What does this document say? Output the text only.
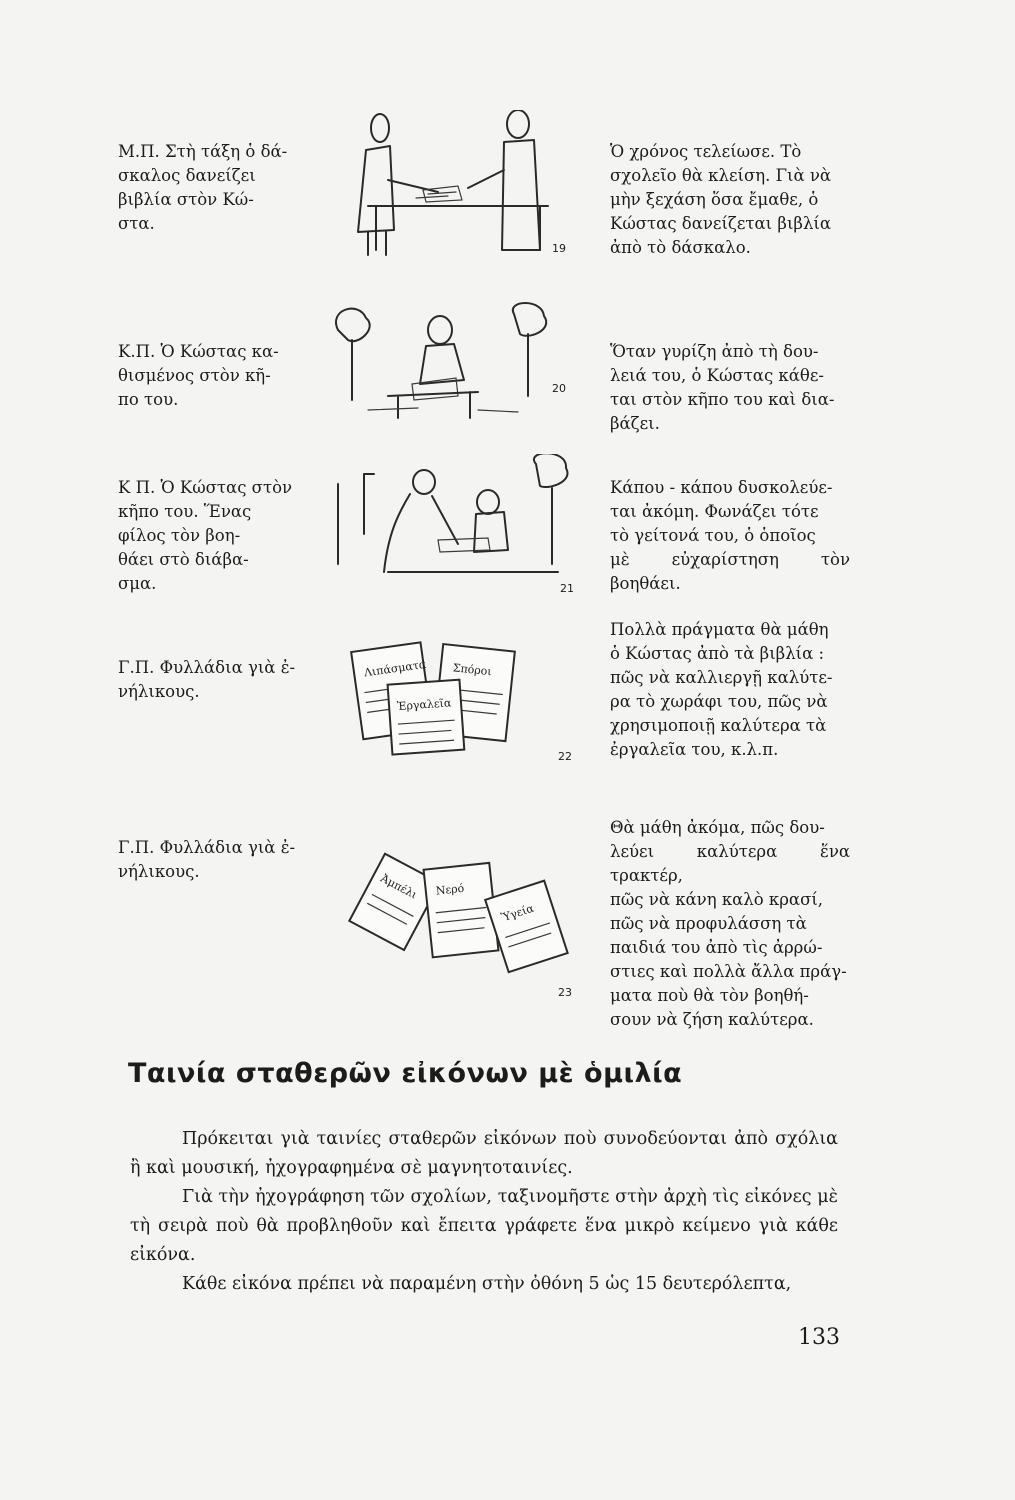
Μ.Π. Στὴ τάξη ὁ δά-
σκαλος δανείζει
βιβλία στὸν Κώ-
στα.
19
Ὁ χρόνος τελείωσε. Τὸ
σχολεῖο θὰ κλείση. Γιὰ νὰ
μὴν ξεχάση ὅσα ἔμαθε, ὁ
Κώστας δανείζεται βιβλία
ἀπὸ τὸ δάσκαλο.
Κ.Π. Ὁ Κώστας κα-
θισμένος στὸν κῆ-
πο του.
20
Ὅταν γυρίζη ἀπὸ τὴ δου-
λειά του, ὁ Κώστας κάθε-
ται στὸν κῆπο του καὶ δια-
βάζει.
Κ Π. Ὁ Κώστας στὸν
κῆπο του. Ἕνας
φίλος τὸν βοη-
θάει στὸ διάβα-
σμα.	21
Κάπου - κάπου δυσκολεύε-
ται ἀκόμη. Φωνάζει τότε
τὸ γείτονά του, ὁ ὁποῖος
μὲ εὐχαρίστηση τὸν βοηθάει.
Γ.Π. Φυλλάδια γιὰ ἐ-
νήλικους.
Λιπάσματα Σπόροι
Ἐργαλεῖα
22
Πολλὰ πράγματα θὰ μάθη
ὁ Κώστας ἀπὸ τὰ βιβλία :
πῶς νὰ καλλιεργῇ καλύτε-
ρα τὸ χωράφι του, πῶς νὰ
χρησιμοποιῇ καλύτερα τὰ
ἐργαλεῖα του, κ.λ.π.
Γ.Π. Φυλλάδια γιὰ ἐ-
νήλικους.
Ἀμπέλι Νερό
Ὑγεία
23
Θὰ μάθη ἀκόμα, πῶς δου-
λεύει καλύτερα ἕνα τρακτέρ,
πῶς νὰ κάνη καλὸ κρασί,
πῶς νὰ προφυλάσση τὰ
παιδιά του ἀπὸ τὶς ἀρρώ-
στιες καὶ πολλὰ ἄλλα πράγ-
ματα ποὺ θὰ τὸν βοηθή-
σουν νὰ ζήση καλύτερα.
Ταινία σταθερῶν εἰκόνων μὲ ὁμιλία

Πρόκειται γιὰ ταινίες σταθερῶν εἰκόνων ποὺ συνοδεύονται ἀπὸ σχόλια ἢ καὶ μουσική, ἠχογραφημένα σὲ μαγνητοταινίες.

Γιὰ τὴν ἠχογράφηση τῶν σχολίων, ταξινομῆστε στὴν ἀρχὴ τὶς εἰκόνες μὲ τὴ σειρὰ ποὺ θὰ προβληθοῦν καὶ ἔπειτα γράφετε ἕνα μικρὸ κείμενο γιὰ κάθε εἰκόνα.

Κάθε εἰκόνα πρέπει νὰ παραμένη στὴν ὀθόνη 5 ὡς 15 δευτερόλεπτα,

133
